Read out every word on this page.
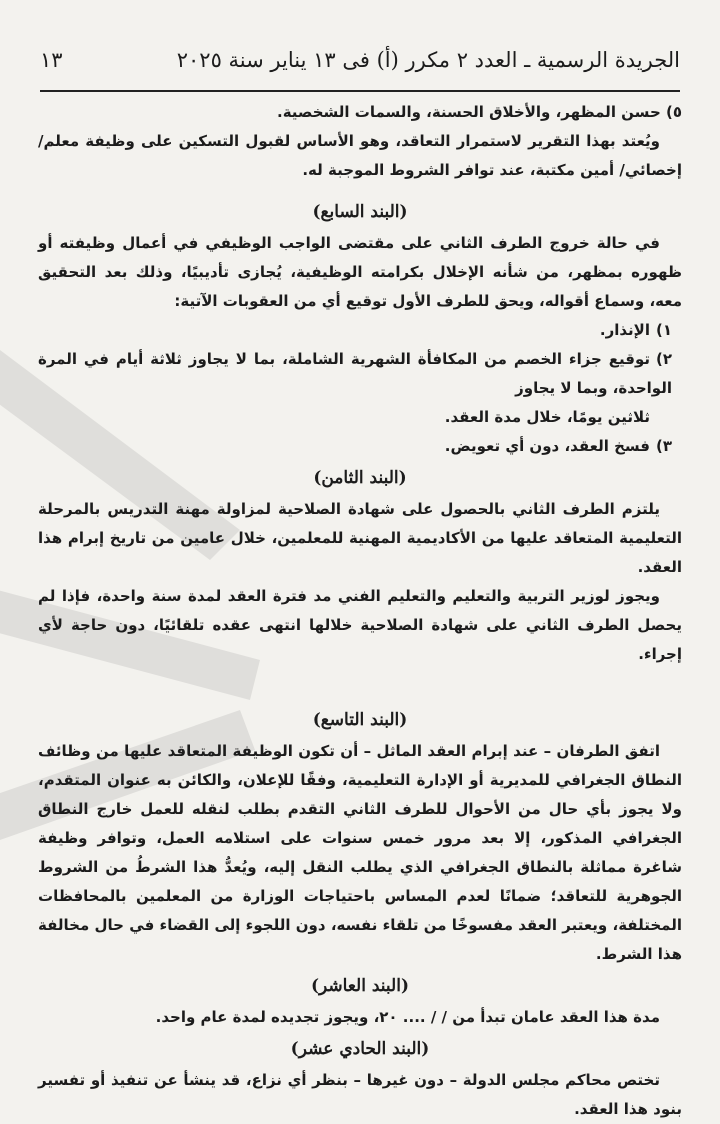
الجريدة الرسمية ـ العدد ٢ مكرر (أ) فى ١٣ يناير سنة ٢٠٢٥
١٣

٥) حسن المظهر، والأخلاق الحسنة، والسمات الشخصية.

ويُعتد بهذا التقرير لاستمرار التعاقد، وهو الأساس لقبول التسكين على وظيفة معلم/ إخصائي/ أمين مكتبة، عند توافر الشروط الموجبة له.

(البند السابع)

في حالة خروج الطرف الثاني على مقتضى الواجب الوظيفي في أعمال وظيفته أو ظهوره بمظهر، من شأنه الإخلال بكرامته الوظيفية، يُجازى تأديبيًا، وذلك بعد التحقيق معه، وسماع أقواله، ويحق للطرف الأول توقيع أي من العقوبات الآتية:

١)الإنذار.

٢)توقيع جزاء الخصم من المكافأة الشهرية الشاملة، بما لا يجاوز ثلاثة أيام في المرة الواحدة، وبما لا يجاوز

ثلاثين يومًا، خلال مدة العقد.

٣)فسخ العقد، دون أي تعويض.

(البند الثامن)

يلتزم الطرف الثاني بالحصول على شهادة الصلاحية لمزاولة مهنة التدريس بالمرحلة التعليمية المتعاقد عليها من الأكاديمية المهنية للمعلمين، خلال عامين من تاريخ إبرام هذا العقد.

ويجوز لوزير التربية والتعليم والتعليم الفني مد فترة العقد لمدة سنة واحدة، فإذا لم يحصل الطرف الثاني على شهادة الصلاحية خلالها انتهى عقده تلقائيًا، دون حاجة لأي إجراء.

(البند التاسع)

اتفق الطرفان – عند إبرام العقد الماثل – أن تكون الوظيفة المتعاقد عليها من وظائف النطاق الجغرافي للمديرية أو الإدارة التعليمية، وفقًا للإعلان، والكائن به عنوان المتقدم، ولا يجوز بأي حال من الأحوال للطرف الثاني التقدم بطلب لنقله للعمل خارج النطاق الجغرافي المذكور، إلا بعد مرور خمس سنوات على استلامه العمل، وتوافر وظيفة شاغرة مماثلة بالنطاق الجغرافي الذي يطلب النقل إليه، ويُعدُّ هذا الشرطُ من الشروط الجوهرية للتعاقد؛ ضمانًا لعدم المساس باحتياجات الوزارة من المعلمين بالمحافظات المختلفة، ويعتبر العقد مفسوخًا من تلقاء نفسه، دون اللجوء إلى القضاء في حال مخالفة هذا الشرط.

(البند العاشر)

مدة هذا العقد عامان تبدأ من / / .... ٢٠، ويجوز تجديده لمدة عام واحد.

(البند الحادي عشر)

تختص محاكم مجلس الدولة – دون غيرها – بنظر أي نزاع، قد ينشأ عن تنفيذ أو تفسير بنود هذا العقد.
